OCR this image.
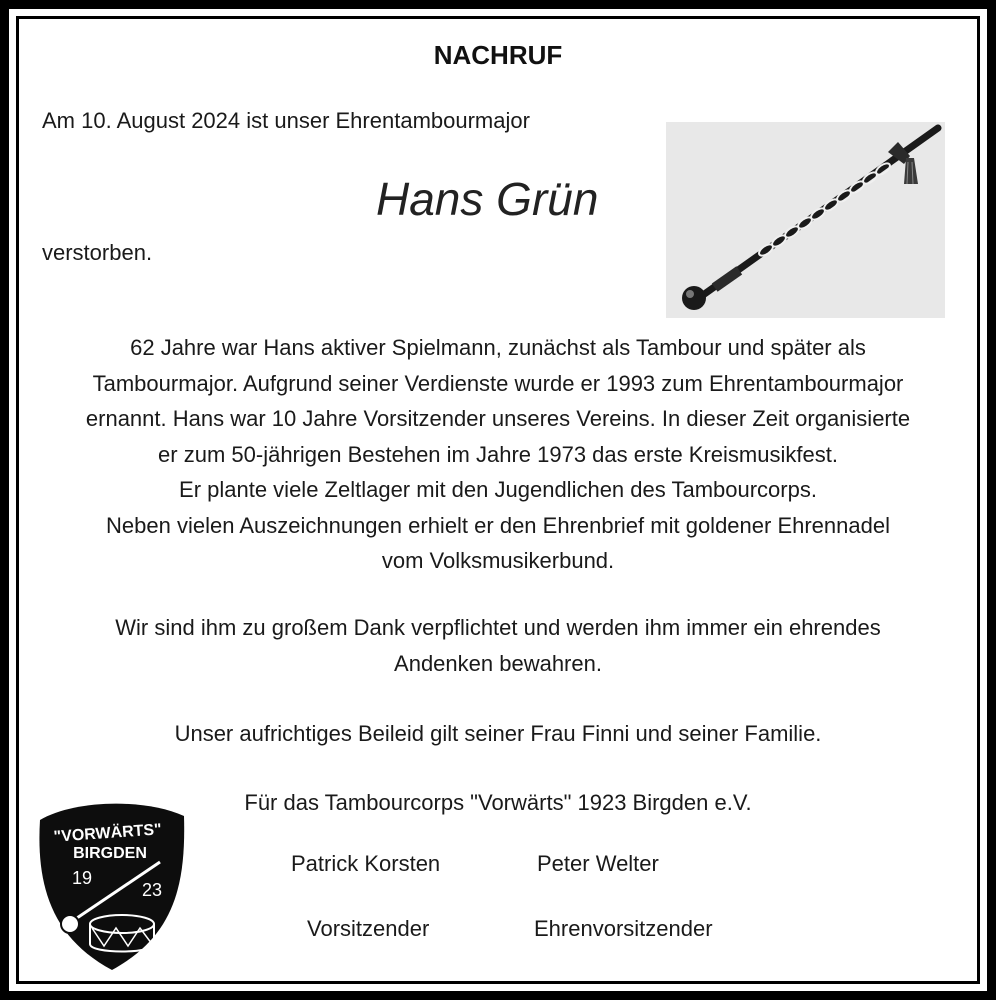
NACHRUF
Am 10. August 2024 ist unser Ehrentambourmajor
Hans Grün
verstorben.
62 Jahre war Hans aktiver Spielmann, zunächst als Tambour und später als
Tambourmajor. Aufgrund seiner Verdienste wurde er 1993 zum Ehrentambourmajor
ernannt. Hans war 10 Jahre Vorsitzender unseres Vereins. In dieser Zeit organisierte
er zum 50-jährigen Bestehen im Jahre 1973 das erste Kreismusikfest.
Er plante viele Zeltlager mit den Jugendlichen des Tambourcorps.
Neben vielen Auszeichnungen erhielt er den Ehrenbrief mit goldener Ehrennadel
vom Volksmusikerbund.
Wir sind ihm zu großem Dank verpflichtet und werden ihm immer ein ehrendes
Andenken bewahren.
Unser aufrichtiges Beileid gilt seiner Frau Finni und seiner Familie.
Für das Tambourcorps "Vorwärts" 1923 Birgden e.V.
Patrick Korsten	Peter Welter
Vorsitzender	Ehrenvorsitzender
"VORWÄRTS"
BIRGDEN
19
23
